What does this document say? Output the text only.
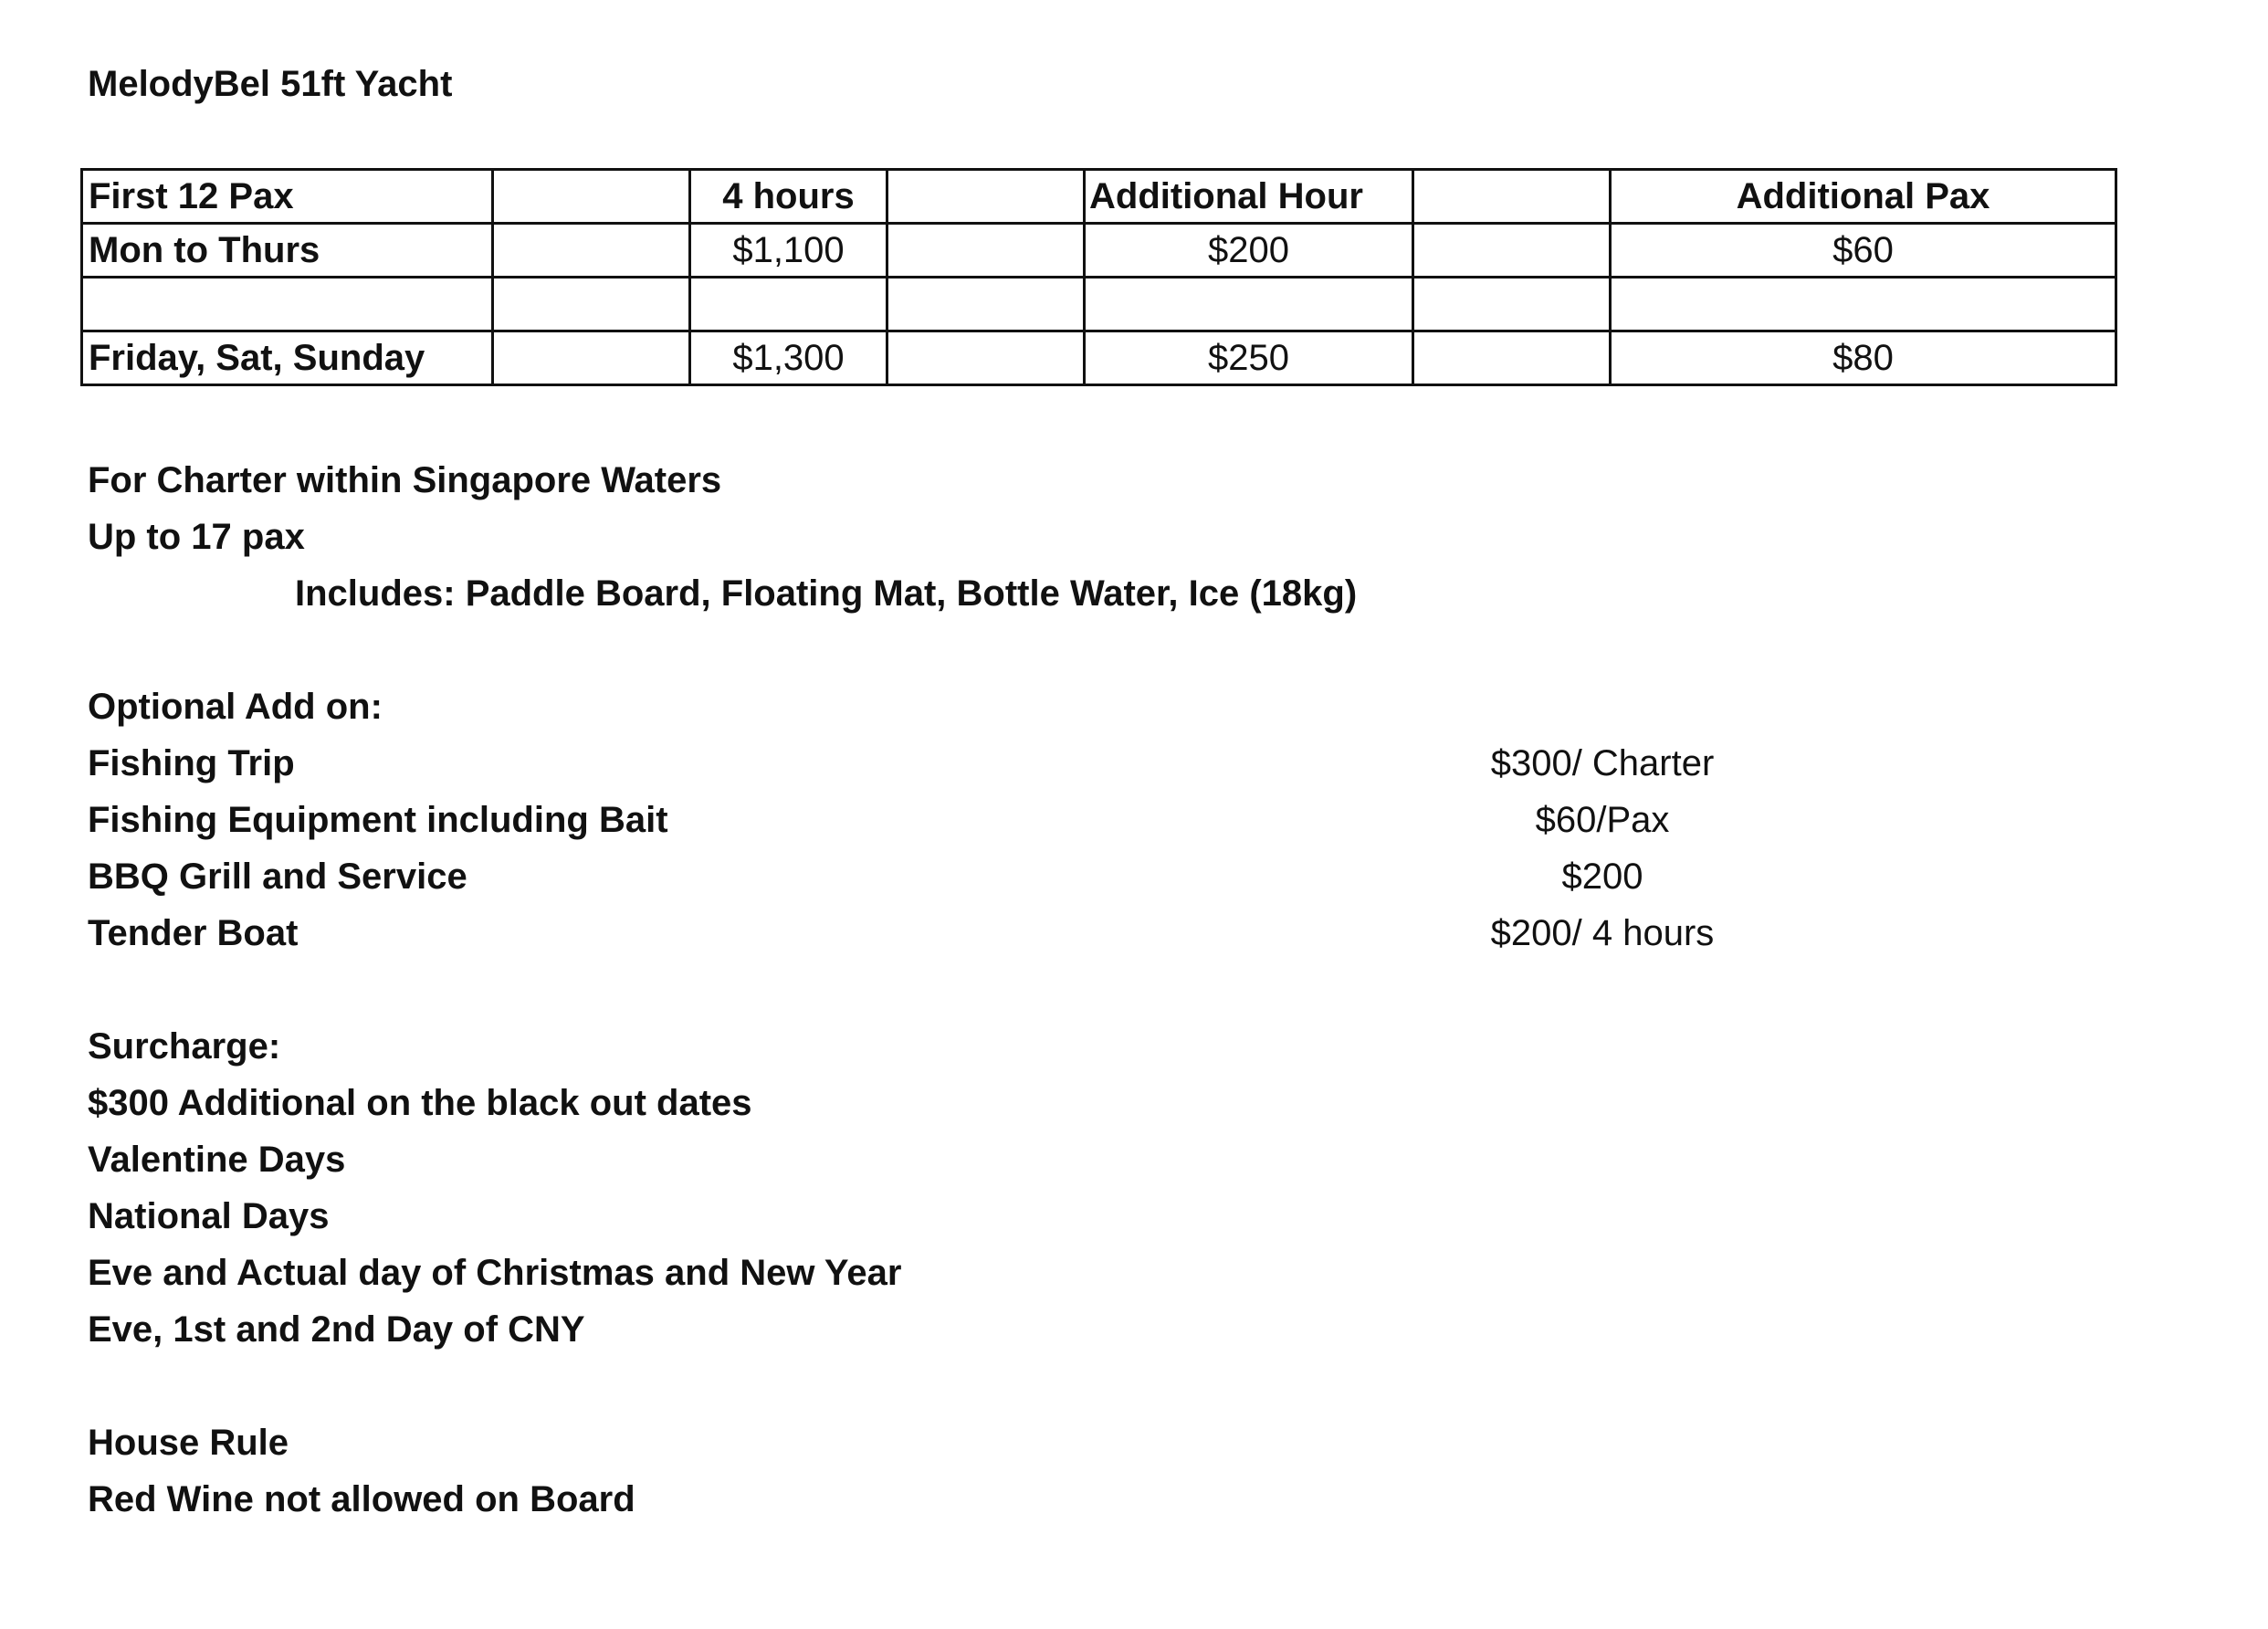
MelodyBel 51ft Yacht
First 12 Pax		4 hours		Additional Hour		Additional Pax
Mon to Thurs		$1,100		$200		$60

Friday, Sat, Sunday		$1,300		$250		$80
For Charter within Singapore Waters
Up to 17 pax
Includes: Paddle Board, Floating Mat, Bottle Water, Ice (18kg)
Optional Add on:
Fishing Trip	$300/ Charter
Fishing Equipment including Bait	$60/Pax
BBQ Grill and Service	$200
Tender Boat	$200/ 4 hours
Surcharge:
$300 Additional on the black out dates
Valentine Days
National Days
Eve and Actual day of Christmas and New Year
Eve, 1st and 2nd Day of CNY
House Rule
Red Wine not allowed on Board
